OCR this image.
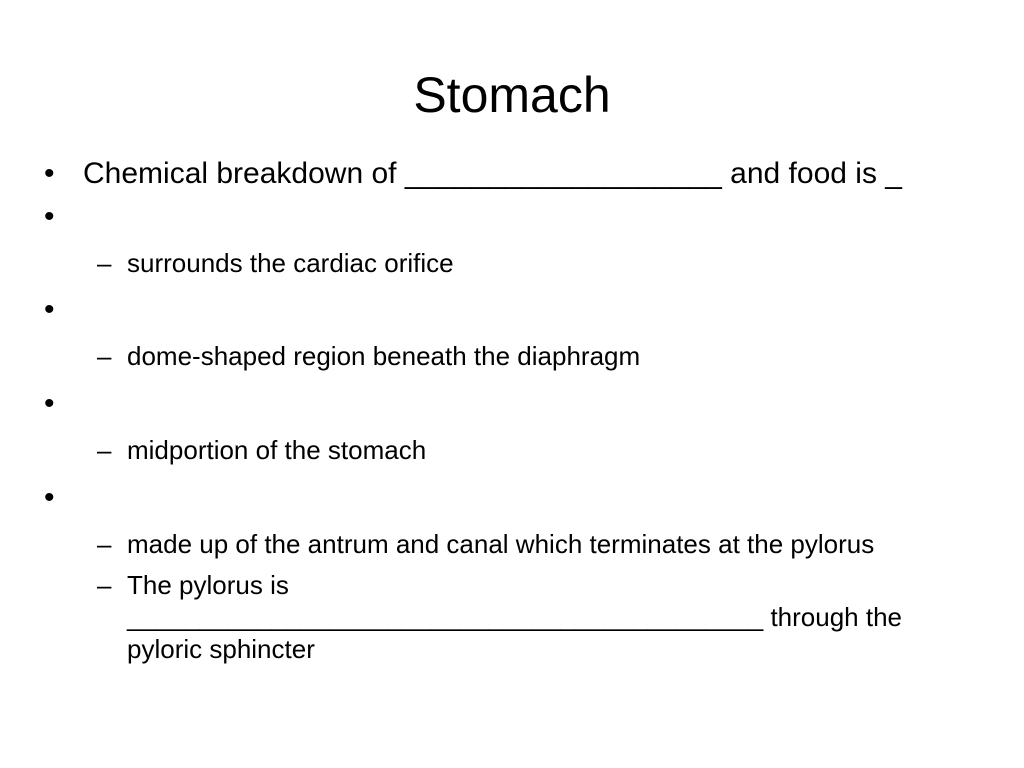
Stomach
• Chemical breakdown of ___________________ and food is _
•
– surrounds the cardiac orifice
•
– dome-shaped region beneath the diaphragm
•
– midportion of the stomach
•
– made up of the antrum and canal which terminates at the pylorus
– The pylorus is ____________________________________________ through the pyloric sphincter
